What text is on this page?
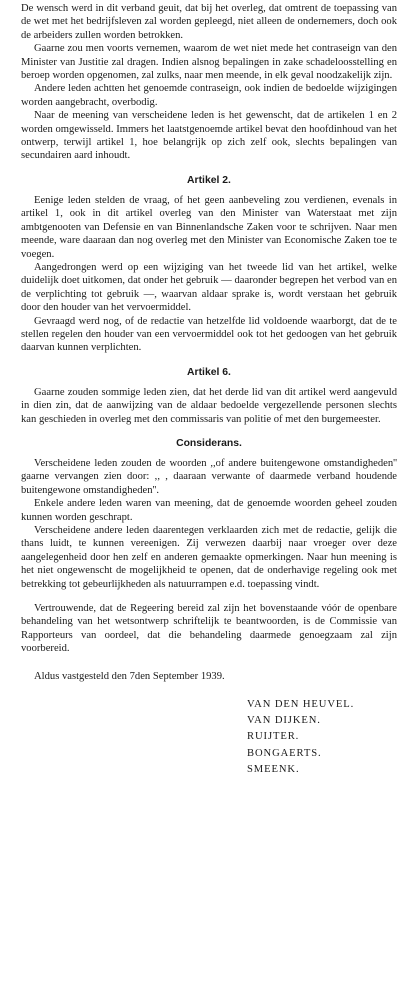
De wensch werd in dit verband geuit, dat bij het overleg, dat omtrent de toepassing van de wet met het bedrijfsleven zal worden gepleegd, niet alleen de ondernemers, doch ook de arbeiders zullen worden betrokken.

Gaarne zou men voorts vernemen, waarom de wet niet mede het contraseign van den Minister van Justitie zal dragen. Indien alsnog bepalingen in zake schadeloosstelling en beroep worden opgenomen, zal zulks, naar men meende, in elk geval noodzakelijk zijn.

Andere leden achtten het genoemde contraseign, ook indien de bedoelde wijzigingen worden aangebracht, overbodig.

Naar de meening van verscheidene leden is het gewenscht, dat de artikelen 1 en 2 worden omgewisseld. Immers het laatstgenoemde artikel bevat den hoofdinhoud van het ontwerp, terwijl artikel 1, hoe belangrijk op zich zelf ook, slechts bepalingen van secundairen aard inhoudt.

Artikel 2.

Eenige leden stelden de vraag, of het geen aanbeveling zou verdienen, evenals in artikel 1, ook in dit artikel overleg van den Minister van Waterstaat met zijn ambtgenooten van Defensie en van Binnenlandsche Zaken voor te schrijven. Naar men meende, ware daaraan dan nog overleg met den Minister van Economische Zaken toe te voegen.

Aangedrongen werd op een wijziging van het tweede lid van het artikel, welke duidelijk doet uitkomen, dat onder het gebruik — daaronder begrepen het verbod van en de verplichting tot gebruik —, waarvan aldaar sprake is, wordt verstaan het gebruik door den houder van het vervoermiddel.

Gevraagd werd nog, of de redactie van hetzelfde lid voldoende waarborgt, dat de te stellen regelen den houder van een vervoermiddel ook tot het gedoogen van het gebruik daarvan kunnen verplichten.

Artikel 6.

Gaarne zouden sommige leden zien, dat het derde lid van dit artikel werd aangevuld in dien zin, dat de aanwijzing van de aldaar bedoelde vergezellende personen slechts kan geschieden in overleg met den commissaris van politie of met den burgemeester.

Considerans.

Verscheidene leden zouden de woorden ,,of andere buitengewone omstandigheden'' gaarne vervangen zien door: ,, , daaraan verwante of daarmede verband houdende buitengewone omstandigheden''.

Enkele andere leden waren van meening, dat de genoemde woorden geheel zouden kunnen worden geschrapt.

Verscheidene andere leden daarentegen verklaarden zich met de redactie, gelijk die thans luidt, te kunnen vereenigen. Zij verwezen daarbij naar vroeger over deze aangelegenheid door hen zelf en anderen gemaakte opmerkingen. Naar hun meening is het niet ongewenscht de mogelijkheid te openen, dat de onderhavige regeling ook met betrekking tot gebeurlijkheden als natuurrampen e.d. toepassing vindt.

Vertrouwende, dat de Regeering bereid zal zijn het bovenstaande vóór de openbare behandeling van het wetsontwerp schriftelijk te beantwoorden, is de Commissie van Rapporteurs van oordeel, dat die behandeling daarmede genoegzaam zal zijn voorbereid.

Aldus vastgesteld den 7den September 1939.

VAN DEN HEUVEL.
VAN DIJKEN.
RUIJTER.
BONGAERTS.
SMEENK.
